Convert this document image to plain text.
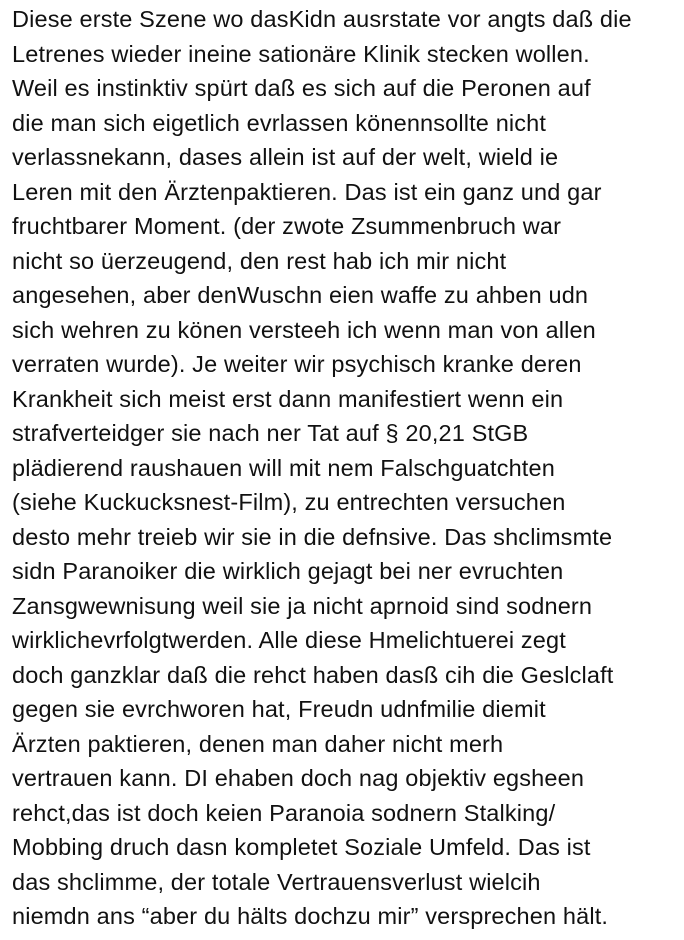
Diese erste Szene wo dasKidn ausrstate vor angts daß die
Letrenes wieder ineine sationäre Klinik stecken wollen.
Weil es instinktiv spürt daß es sich auf die Peronen auf
die man sich eigetlich evrlassen könennsollte nicht
verlassnekann, dases allein ist auf der welt, wield ie
Leren mit den Ärztenpaktieren. Das ist ein ganz und gar
fruchtbarer Moment. (der zwote Zsummenbruch war
nicht so üerzeugend, den rest hab ich mir nicht
angesehen, aber denWuschn eien waffe zu ahben udn
sich wehren zu könen versteeh ich wenn man von allen
verraten wurde). Je weiter wir psychisch kranke deren
Krankheit sich meist erst dann manifestiert wenn ein
strafverteidger sie nach ner Tat auf § 20,21 StGB
plädierend raushauen will mit nem Falschguatchten
(siehe Kuckucksnest-Film), zu entrechten versuchen
desto mehr treieb wir sie in die defnsive. Das shclimsmte
sidn Paranoiker die wirklich gejagt bei ner evruchten
Zansgwewnisung weil sie ja nicht aprnoid sind sodnern
wirklichevrfolgtwerden. Alle diese Hmelichtuerei zegt
doch ganzklar daß die rehct haben dasß cih die Geslclaft
gegen sie evrchworen hat, Freudn udnfmilie diemit
Ärzten paktieren, denen man daher nicht merh
vertrauen kann. DI ehaben doch nag objektiv egsheen
rehct,das ist doch keien Paranoia sodnern Stalking/
Mobbing druch dasn kompletet Soziale Umfeld. Das ist
das shclimme, der totale Vertrauensverlust wielcih
niemdn ans “aber du hälts dochzu mir” versprechen hält.
